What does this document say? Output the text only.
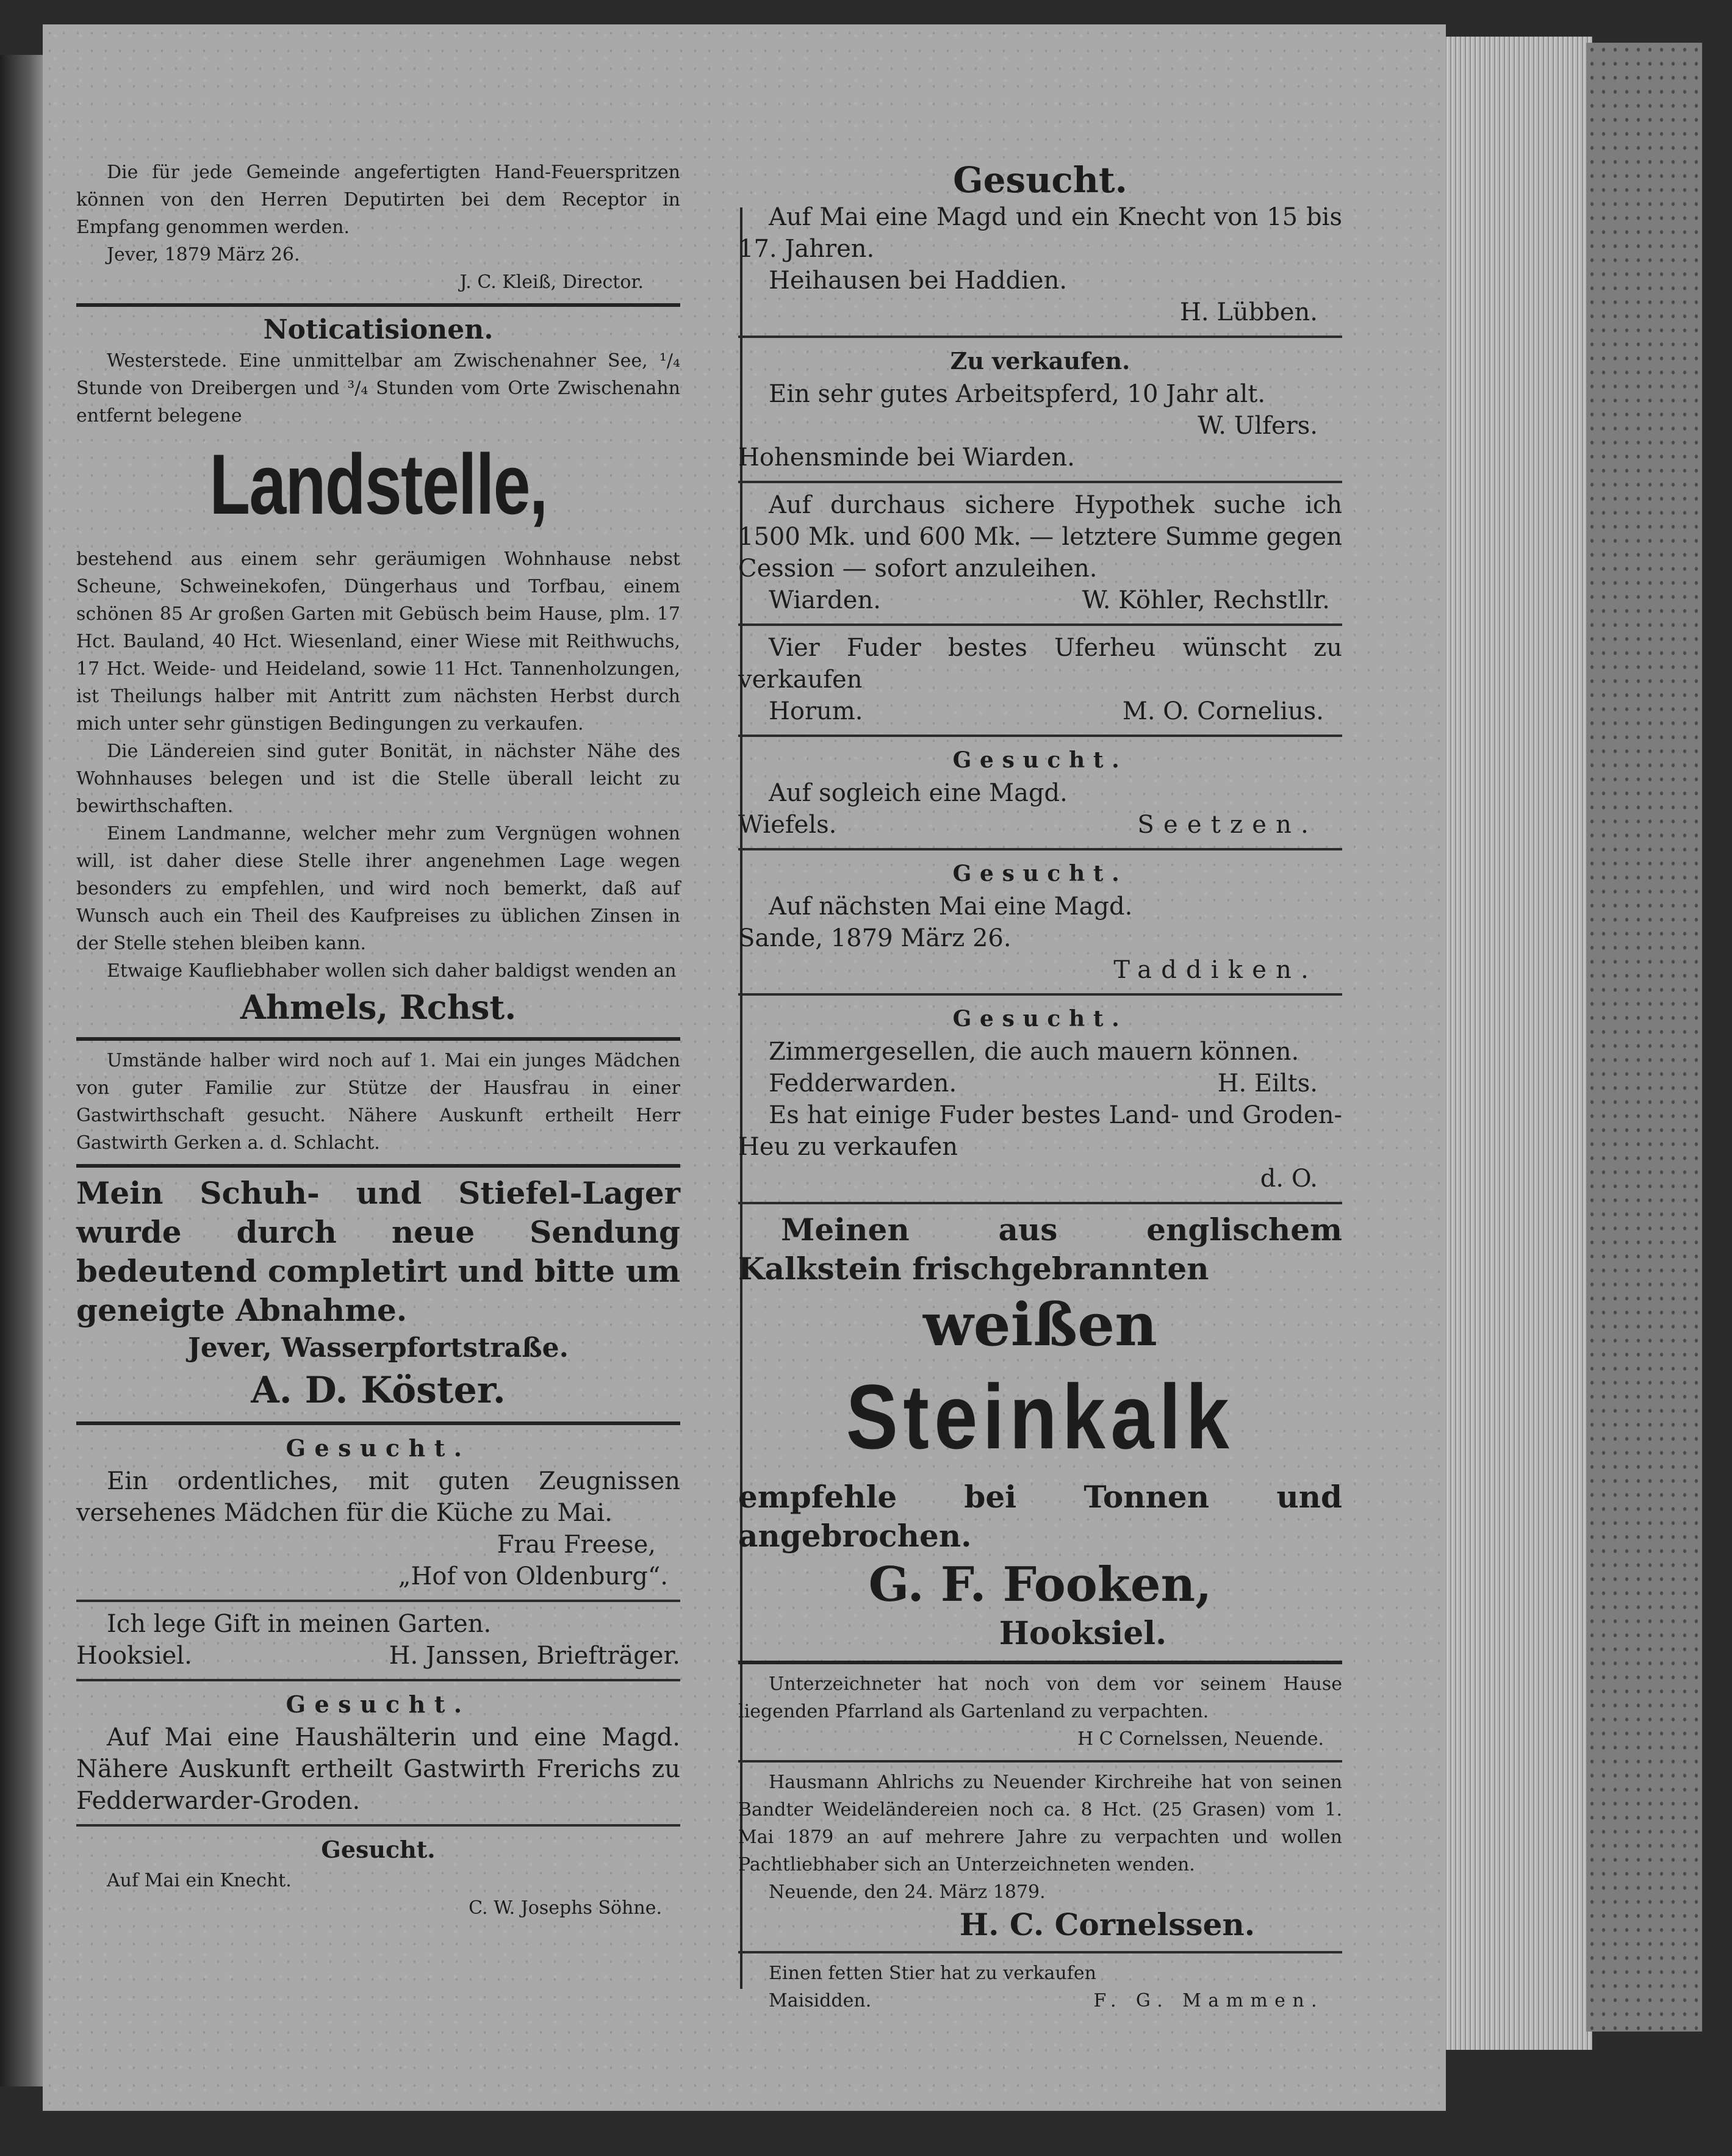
Die für jede Gemeinde angefertigten Hand-Feuerspritzen können von den Herren Deputirten bei dem Receptor in Empfang genommen werden.

Jever, 1879 März 26.

J. C. Kleiß, Director.

Noticatisionen.

Westerstede. Eine unmittelbar am Zwischenahner See, ¹/₄ Stunde von Dreibergen und ³/₄ Stunden vom Orte Zwischenahn entfernt belegene

Landstelle,

bestehend aus einem sehr geräumigen Wohnhause nebst Scheune, Schweinekofen, Düngerhaus und Torfbau, einem schönen 85 Ar großen Garten mit Gebüsch beim Hause, plm. 17 Hct. Bauland, 40 Hct. Wiesenland, einer Wiese mit Reithwuchs, 17 Hct. Weide- und Heideland, sowie 11 Hct. Tannenholzungen, ist Theilungs halber mit Antritt zum nächsten Herbst durch mich unter sehr günstigen Bedingungen zu verkaufen.

Die Ländereien sind guter Bonität, in nächster Nähe des Wohnhauses belegen und ist die Stelle überall leicht zu bewirthschaften.

Einem Landmanne, welcher mehr zum Vergnügen wohnen will, ist daher diese Stelle ihrer angenehmen Lage wegen besonders zu empfehlen, und wird noch bemerkt, daß auf Wunsch auch ein Theil des Kaufpreises zu üblichen Zinsen in der Stelle stehen bleiben kann.

Etwaige Kaufliebhaber wollen sich daher baldigst wenden an

Ahmels, Rchst.

Umstände halber wird noch auf 1. Mai ein junges Mädchen von guter Familie zur Stütze der Hausfrau in einer Gastwirthschaft gesucht. Nähere Auskunft ertheilt Herr Gastwirth Gerken a. d. Schlacht.

Mein Schuh- und Stiefel-Lager wurde durch neue Sendung bedeutend completirt und bitte um geneigte Abnahme.

Jever, Wasserpfortstraße.

A. D. Köster.

Gesucht.

Ein ordentliches, mit guten Zeugnissen versehenes Mädchen für die Küche zu Mai.

Frau Freese,

„Hof von Oldenburg“.

Ich lege Gift in meinen Garten.

Hooksiel.	H. Janssen, Briefträger.

Gesucht.

Auf Mai eine Haushälterin und eine Magd. Nähere Auskunft ertheilt Gastwirth Frerichs zu Fedderwarder-Groden.

Gesucht.

Auf Mai ein Knecht.

C. W. Josephs Söhne.

Gesucht.

Auf Mai eine Magd und ein Knecht von 15 bis 17. Jahren.

Heihausen bei Haddien.

H. Lübben.

Zu verkaufen.

Ein sehr gutes Arbeitspferd, 10 Jahr alt.

W. Ulfers.

Hohensminde bei Wiarden.

Auf durchaus sichere Hypothek suche ich 1500 Mk. und 600 Mk. — letztere Summe gegen Cession — sofort anzuleihen.

Wiarden.	W. Köhler, Rechstllr.

Vier Fuder bestes Uferheu wünscht zu verkaufen

Horum.	M. O. Cornelius.

Gesucht.

Auf sogleich eine Magd.

Wiefels.	Seetzen.

Gesucht.

Auf nächsten Mai eine Magd.

Sande, 1879 März 26.

Taddiken.

Gesucht.

Zimmergesellen, die auch mauern können.

Fedderwarden.	H. Eilts.

Es hat einige Fuder bestes Land- und Groden-Heu zu verkaufen

d. O.

Meinen aus englischem Kalkstein frischgebrannten

weißen

Steinkalk

empfehle bei Tonnen und angebrochen.

G. F. Fooken,

Hooksiel.

Unterzeichneter hat noch von dem vor seinem Hause liegenden Pfarrland als Gartenland zu verpachten.

H C Cornelssen, Neuende.

Hausmann Ahlrichs zu Neuender Kirchreihe hat von seinen Bandter Weideländereien noch ca. 8 Hct. (25 Grasen) vom 1. Mai 1879 an auf mehrere Jahre zu verpachten und wollen Pachtliebhaber sich an Unterzeichneten wenden.

Neuende, den 24. März 1879.

H. C. Cornelssen.

Einen fetten Stier hat zu verkaufen

Maisidden.	F. G. Mammen.
